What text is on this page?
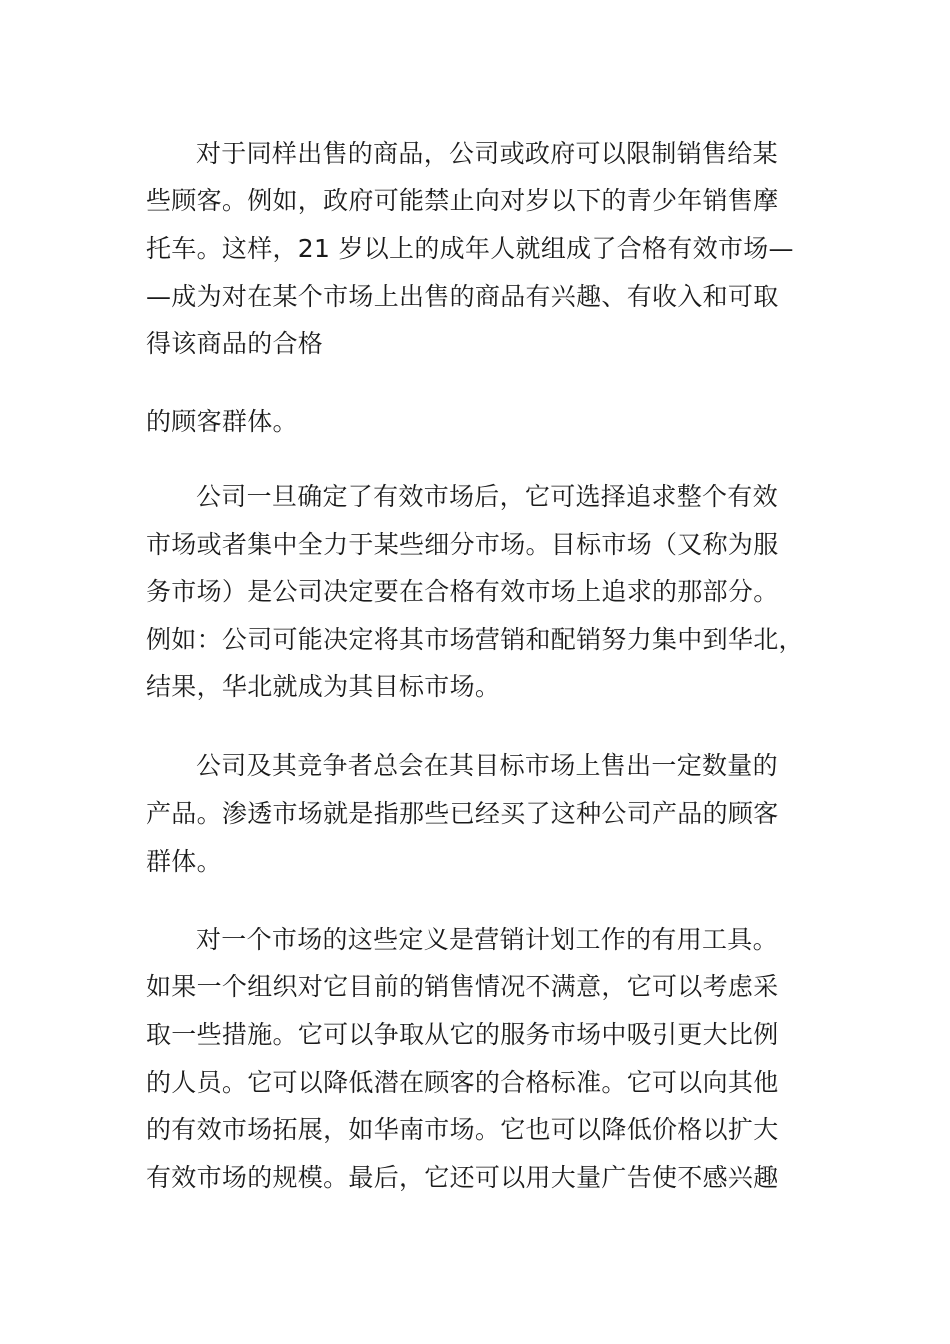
对于同样出售的商品，公司或政府可以限制销售给某
些顾客。例如，政府可能禁止向对岁以下的青少年销售摩
托车。这样，21 岁以上的成年人就组成了合格有效市场—
—成为对在某个市场上出售的商品有兴趣、有收入和可取
得该商品的合格
的顾客群体。
公司一旦确定了有效市场后，它可选择追求整个有效
市场或者集中全力于某些细分市场。目标市场（又称为服
务市场）是公司决定要在合格有效市场上追求的那部分。
例如：公司可能决定将其市场营销和配销努力集中到华北，
结果，华北就成为其目标市场。
公司及其竞争者总会在其目标市场上售出一定数量的
产品。渗透市场就是指那些已经买了这种公司产品的顾客
群体。
对一个市场的这些定义是营销计划工作的有用工具。
如果一个组织对它目前的销售情况不满意，它可以考虑采
取一些措施。它可以争取从它的服务市场中吸引更大比例
的人员。它可以降低潜在顾客的合格标准。它可以向其他
的有效市场拓展，如华南市场。它也可以降低价格以扩大
有效市场的规模。最后，它还可以用大量广告使不感兴趣
